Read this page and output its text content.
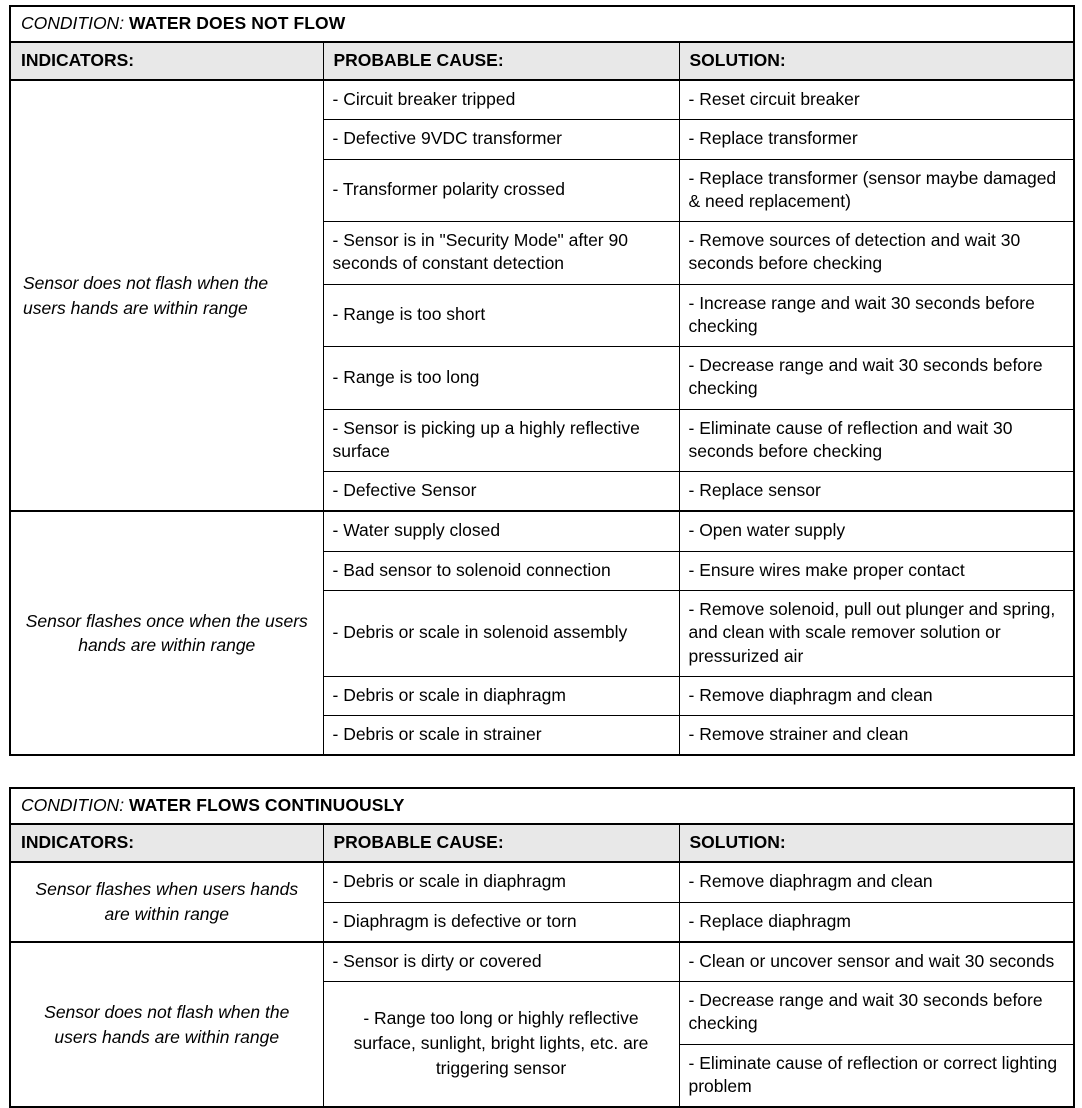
CONDITION: WATER DOES NOT FLOW		
INDICATORS:	PROBABLE CAUSE:	SOLUTION:
Sensor does not flash when the users hands are within range	- Circuit breaker tripped	- Reset circuit breaker
	- Defective 9VDC transformer	- Replace transformer
	- Transformer polarity crossed	- Replace transformer (sensor maybe damaged & need replacement)
	- Sensor is in "Security Mode" after 90 seconds of constant detection	- Remove sources of detection and wait 30 seconds before checking
	- Range is too short	- Increase range and wait 30 seconds before checking
	- Range is too long	- Decrease range and wait 30 seconds before checking
	- Sensor is picking up a highly reflective surface	- Eliminate cause of reflection and wait 30 seconds before checking
	- Defective Sensor	- Replace sensor
Sensor flashes once when the users hands are within range	- Water supply closed	- Open water supply
	- Bad sensor to solenoid connection	- Ensure wires make proper contact
	- Debris or scale in solenoid assembly	- Remove solenoid, pull out plunger and spring, and clean with scale remover solution or pressurized air
	- Debris or scale in diaphragm	- Remove diaphragm and clean
	- Debris or scale in strainer	- Remove strainer and clean
CONDITION: WATER FLOWS CONTINUOUSLY		
INDICATORS:	PROBABLE CAUSE:	SOLUTION:
Sensor flashes when users hands are within range	- Debris or scale in diaphragm	- Remove diaphragm and clean
	- Diaphragm is defective or torn	- Replace diaphragm
Sensor does not flash when the users hands are within range	- Sensor is dirty or covered	- Clean or uncover sensor and wait 30 seconds
	- Range too long or highly reflective surface, sunlight, bright lights, etc. are triggering sensor	- Decrease range and wait 30 seconds before checking
		- Eliminate cause of reflection or correct lighting problem
